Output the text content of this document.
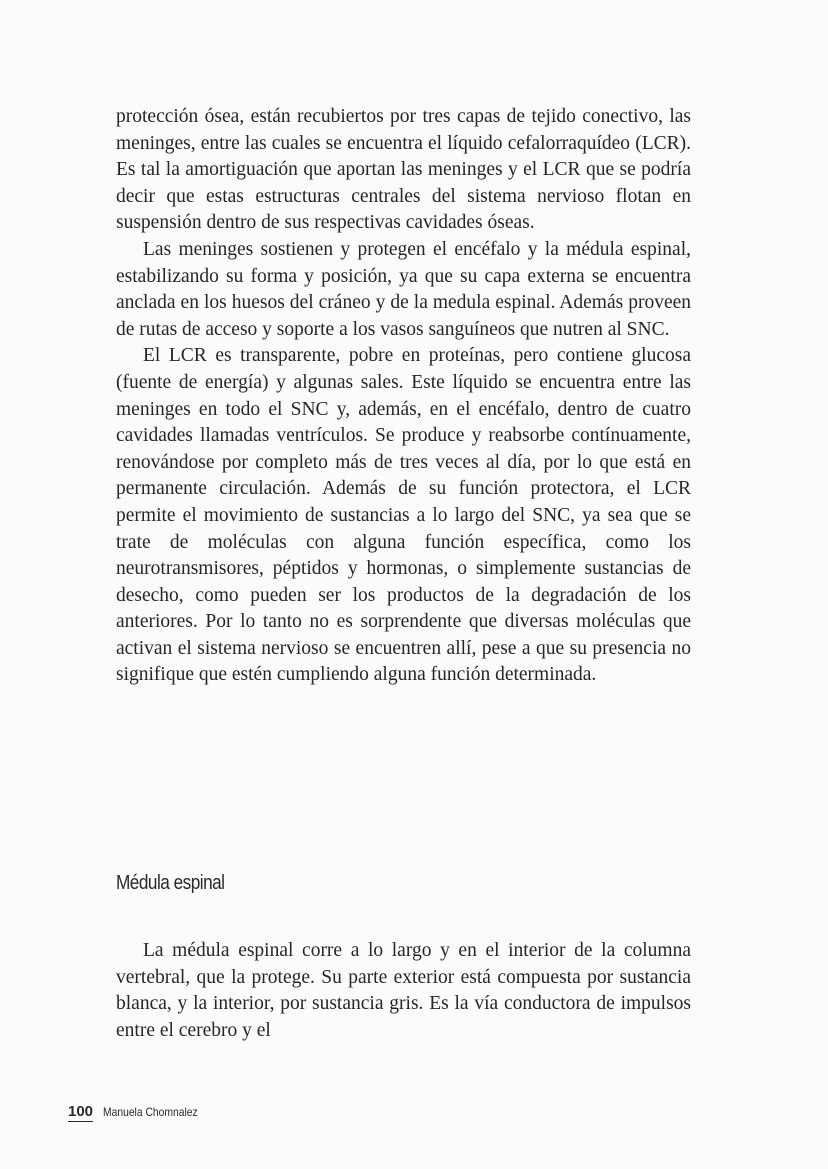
protección ósea, están recubiertos por tres capas de tejido conectivo, las meninges, entre las cuales se encuentra el líquido cefalorraquídeo (LCR). Es tal la amortiguación que aportan las meninges y el LCR que se podría decir que estas estructuras centrales del sistema nervioso flotan en suspensión dentro de sus respectivas cavidades óseas.

Las meninges sostienen y protegen el encéfalo y la médula espinal, estabilizando su forma y posición, ya que su capa externa se encuentra anclada en los huesos del cráneo y de la medula espinal. Además proveen de rutas de acceso y soporte a los vasos sanguíneos que nutren al SNC.

El LCR es transparente, pobre en proteínas, pero contiene glucosa (fuente de energía) y algunas sales. Este líquido se encuentra entre las meninges en todo el SNC y, además, en el encéfalo, dentro de cuatro cavidades llamadas ventrículos. Se produce y reabsorbe contínuamente, renovándose por completo más de tres veces al día, por lo que está en permanente circulación. Además de su función protectora, el LCR permite el movimiento de sustancias a lo largo del SNC, ya sea que se trate de moléculas con alguna función específica, como los neurotransmisores, péptidos y hormonas, o simplemente sustancias de desecho, como pueden ser los productos de la degradación de los anteriores. Por lo tanto no es sorprendente que diversas moléculas que activan el sistema nervioso se encuentren allí, pese a que su presencia no signifique que estén cumpliendo alguna función determinada.

Médula espinal

La médula espinal corre a lo largo y en el interior de la columna vertebral, que la protege. Su parte exterior está compuesta por sustancia blanca, y la interior, por sustancia gris. Es la vía conductora de impulsos entre el cerebro y el

100 Manuela Chomnalez
